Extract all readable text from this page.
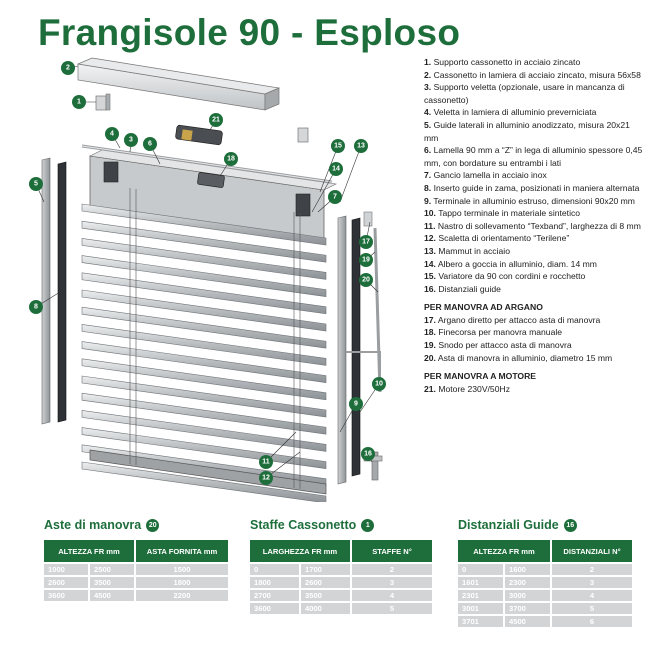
Frangisole 90 - Esploso
1
2
3
4
5
6
7
8
9
10
11
12
13
14
15
16
17
18
19
20
21
1. Supporto cassonetto in acciaio zincato
2. Cassonetto in lamiera di acciaio zincato, misura 56x58
3. Supporto veletta (opzionale, usare in mancanza di cassonetto)
4. Veletta in lamiera di alluminio preverniciata
5. Guide laterali in alluminio anodizzato, misura 20x21 mm
6. Lamella 90 mm a “Z” in lega di alluminio spessore 0,45 mm, con bordature su entrambi i lati
7. Gancio lamella in acciaio inox
8. Inserto guide in zama, posizionati in maniera alternata
9. Terminale in alluminio estruso, dimensioni 90x20 mm
10. Tappo terminale in materiale sintetico
11. Nastro di sollevamento “Texband”, larghezza di 8 mm
12. Scaletta di orientamento “Terilene”
13. Mammut in acciaio
14. Albero a goccia in alluminio, diam. 14 mm
15. Variatore da 90 con cordini e rocchetto
16. Distanziali guide
PER MANOVRA AD ARGANO
17. Argano diretto per attacco asta di manovra
18. Finecorsa per manovra manuale
19. Snodo per attacco asta di manovra
20. Asta di manovra in alluminio, diametro 15 mm
PER MANOVRA A MOTORE
21. Motore 230V/50Hz
Aste di manovra	20
ALTEZZA FR mm		ASTA FORNITA mm
1000	2500	1500
2600	3500	1800
3600	4500	2200
Staffe Cassonetto	1
LARGHEZZA FR mm		STAFFE N°
0	1700	2
1800	2600	3
2700	3500	4
3600	4000	5
Distanziali Guide	16
ALTEZZA FR mm		DISTANZIALI N°
0	1600	2
1601	2300	3
2301	3000	4
3001	3700	5
3701	4500	6
